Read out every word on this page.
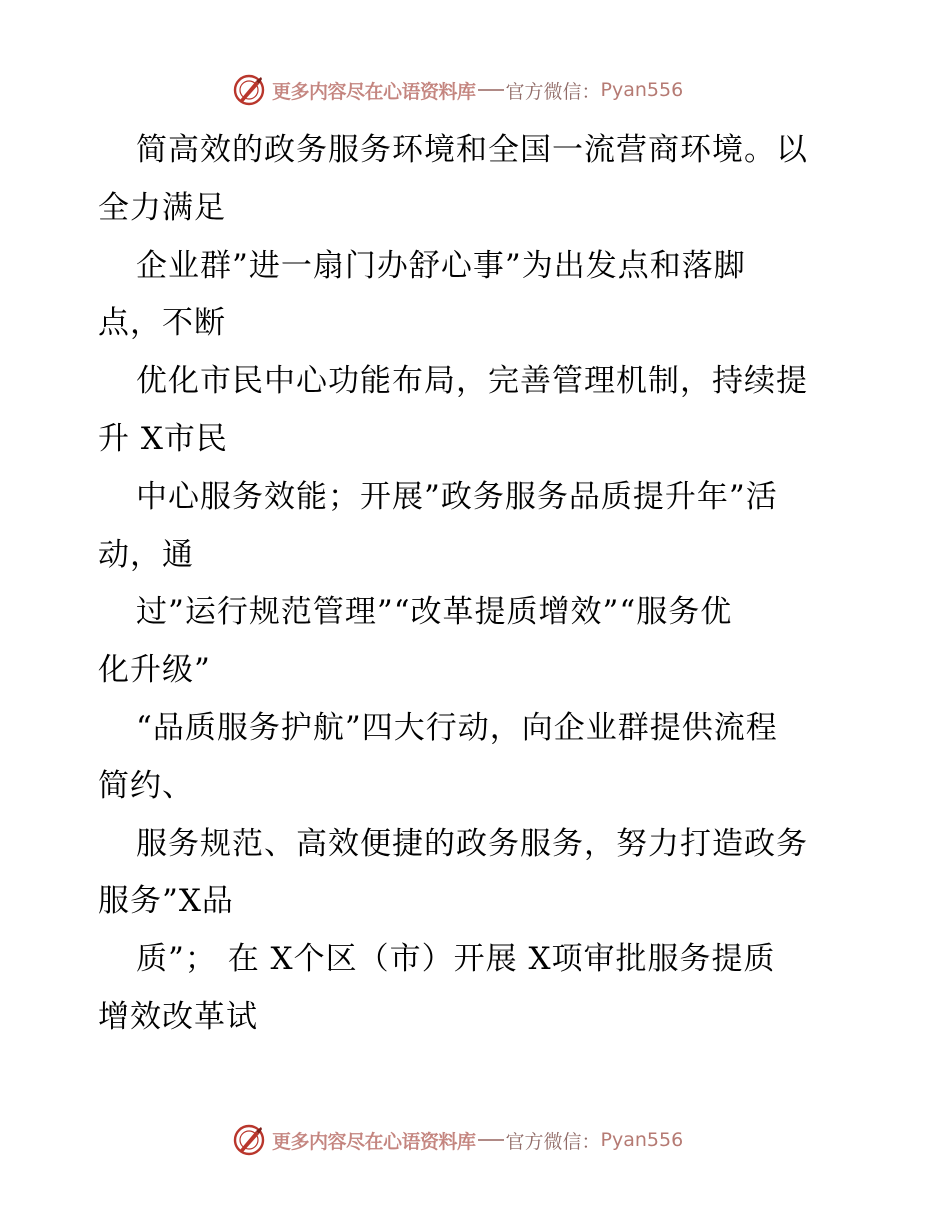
更多内容尽在心语资料库 官方微信： Pyan556
简高效的政务服务环境和全国一流营商环境。以
全力满足
企业群”进一扇门办舒心事”为出发点和落脚
点，不断
优化市民中心功能布局，完善管理机制，持续提
升 X市民
中心服务效能；开展”政务服务品质提升年”活
动，通
过”运行规范管理”“改革提质增效”“服务优
化升级”
“品质服务护航”四大行动，向企业群提供流程
简约、
服务规范、高效便捷的政务服务，努力打造政务
服务”X品
质”； 在 X个区（市）开展 X项审批服务提质
增效改革试
更多内容尽在心语资料库 官方微信： Pyan556
